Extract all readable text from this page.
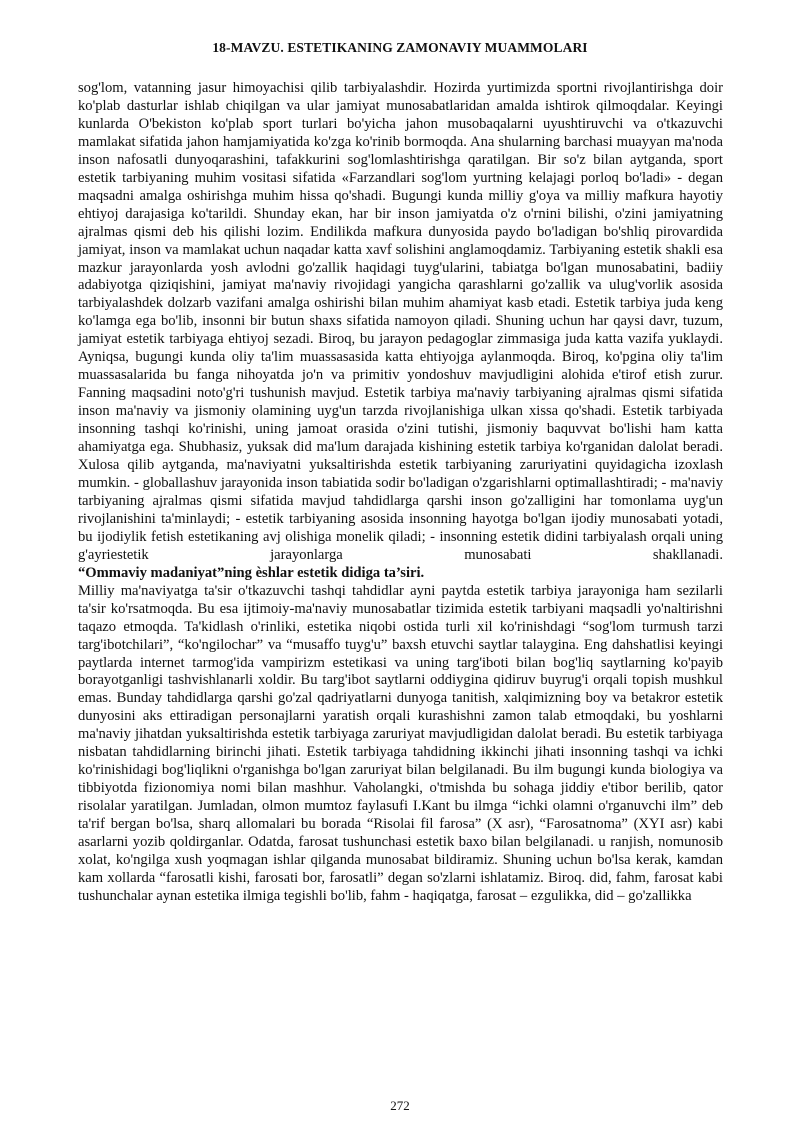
18-MAVZU. ESTETIKANING ZAMONAVIY MUAMMOLARI

sog'lom, vatanning jasur himoyachisi qilib tarbiyalashdir. Hozirda yurtimizda sportni rivojlantirishga doir ko'plab dasturlar ishlab chiqilgan va ular jamiyat munosabatlaridan amalda ishtirok qilmoqdalar. Keyingi kunlarda O'bekiston ko'plab sport turlari bo'yicha jahon musobaqalarni uyushtiruvchi va o'tkazuvchi mamlakat sifatida jahon hamjamiyatida ko'zga ko'rinib bormoqda. Ana shularning barchasi muayyan ma'noda inson nafosatli dunyoqarashini, tafakkurini sog'lomlashtirishga qaratilgan. Bir so'z bilan aytganda, sport estetik tarbiyaning muhim vositasi sifatida «Farzandlari sog'lom yurtning kelajagi porloq bo'ladi» - degan maqsadni amalga oshirishga muhim hissa qo'shadi. Bugungi kunda milliy g'oya va milliy mafkura hayotiy ehtiyoj darajasiga ko'tarildi. Shunday ekan, har bir inson jamiyatda o'z o'rnini bilishi, o'zini jamiyatning ajralmas qismi deb his qilishi lozim. Endilikda mafkura dunyosida paydo bo'ladigan bo'shliq pirovardida jamiyat, inson va mamlakat uchun naqadar katta xavf solishini anglamoqdamiz. Tarbiyaning estetik shakli esa mazkur jarayonlarda yosh avlodni go'zallik haqidagi tuyg'ularini, tabiatga bo'lgan munosabatini, badiiy adabiyotga qiziqishini, jamiyat ma'naviy rivojidagi yangicha qarashlarni go'zallik va ulug'vorlik asosida tarbiyalashdek dolzarb vazifani amalga oshirishi bilan muhim ahamiyat kasb etadi. Estetik tarbiya juda keng ko'lamga ega bo'lib, insonni bir butun shaxs sifatida namoyon qiladi. Shuning uchun har qaysi davr, tuzum, jamiyat estetik tarbiyaga ehtiyoj sezadi. Biroq, bu jarayon pedagoglar zimmasiga juda katta vazifa yuklaydi. Ayniqsa, bugungi kunda oliy ta'lim muassasasida katta ehtiyojga aylanmoqda. Biroq, ko'pgina oliy ta'lim muassasalarida bu fanga nihoyatda jo'n va primitiv yondoshuv mavjudligini alohida e'tirof etish zurur. Fanning maqsadini noto'g'ri tushunish mavjud. Estetik tarbiya ma'naviy tarbiyaning ajralmas qismi sifatida inson ma'naviy va jismoniy olamining uyg'un tarzda rivojlanishiga ulkan xissa qo'shadi. Estetik tarbiyada insonning tashqi ko'rinishi, uning jamoat orasida o'zini tutishi, jismoniy baquvvat bo'lishi ham katta ahamiyatga ega. Shubhasiz, yuksak did ma'lum darajada kishining estetik tarbiya ko'rganidan dalolat beradi. Xulosa qilib aytganda, ma'naviyatni yuksaltirishda estetik tarbiyaning zaruriyatini quyidagicha izoxlash mumkin. - globallashuv jarayonida inson tabiatida sodir bo'ladigan o'zgarishlarni optimallashtiradi; - ma'naviy tarbiyaning ajralmas qismi sifatida mavjud tahdidlarga qarshi inson go'zalligini har tomonlama uyg'un rivojlanishini ta'minlaydi; - estetik tarbiyaning asosida insonning hayotga bo'lgan ijodiy munosabati yotadi, bu ijodiylik fetish estetikaning avj olishiga monelik qiladi; - insonning estetik didini tarbiyalash orqali uning g'ayriestetik jarayonlarga munosabati shakllanadi.

“Ommaviy madaniyat”ning èshlar estetik didiga ta’siri.

Milliy ma'naviyatga ta'sir o'tkazuvchi tashqi tahdidlar ayni paytda estetik tarbiya jarayoniga ham sezilarli ta'sir ko'rsatmoqda. Bu esa ijtimoiy-ma'naviy munosabatlar tizimida estetik tarbiyani maqsadli yo'naltirishni taqazo etmoqda. Ta'kidlash o'rinliki, estetika niqobi ostida turli xil ko'rinishdagi “sog'lom turmush tarzi targ'ibotchilari”, “ko'ngilochar” va “musaffo tuyg'u” baxsh etuvchi saytlar talaygina. Eng dahshatlisi keyingi paytlarda internet tarmog'ida vampirizm estetikasi va uning targ'iboti bilan bog'liq saytlarning ko'payib borayotganligi tashvishlanarli xoldir. Bu targ'ibot saytlarni oddiygina qidiruv buyrug'i orqali topish mushkul emas. Bunday tahdidlarga qarshi go'zal qadriyatlarni dunyoga tanitish, xalqimizning boy va betakror estetik dunyosini aks ettiradigan personajlarni yaratish orqali kurashishni zamon talab etmoqdaki, bu yoshlarni ma'naviy jihatdan yuksaltirishda estetik tarbiyaga zaruriyat mavjudligidan dalolat beradi. Bu estetik tarbiyaga nisbatan tahdidlarning birinchi jihati. Estetik tarbiyaga tahdidning ikkinchi jihati insonning tashqi va ichki ko'rinishidagi bog'liqlikni o'rganishga bo'lgan zaruriyat bilan belgilanadi. Bu ilm bugungi kunda biologiya va tibbiyotda fizionomiya nomi bilan mashhur. Vaholangki, o'tmishda bu sohaga jiddiy e'tibor berilib, qator risolalar yaratilgan. Jumladan, olmon mumtoz faylasufi I.Kant bu ilmga “ichki olamni o'rganuvchi ilm” deb ta'rif bergan bo'lsa, sharq allomalari bu borada “Risolai fil farosa” (X asr), “Farosatnoma” (XYI asr) kabi asarlarni yozib qoldirganlar. Odatda, farosat tushunchasi estetik baxo bilan belgilanadi. u ranjish, nomunosib xolat, ko'ngilga xush yoqmagan ishlar qilganda munosabat bildiramiz. Shuning uchun bo'lsa kerak, kamdan kam xollarda “farosatli kishi, farosati bor, farosatli” degan so'zlarni ishlatamiz. Biroq. did, fahm, farosat kabi tushunchalar aynan estetika ilmiga tegishli bo'lib, fahm - haqiqatga, farosat – ezgulikka, did – go'zallikka

272
